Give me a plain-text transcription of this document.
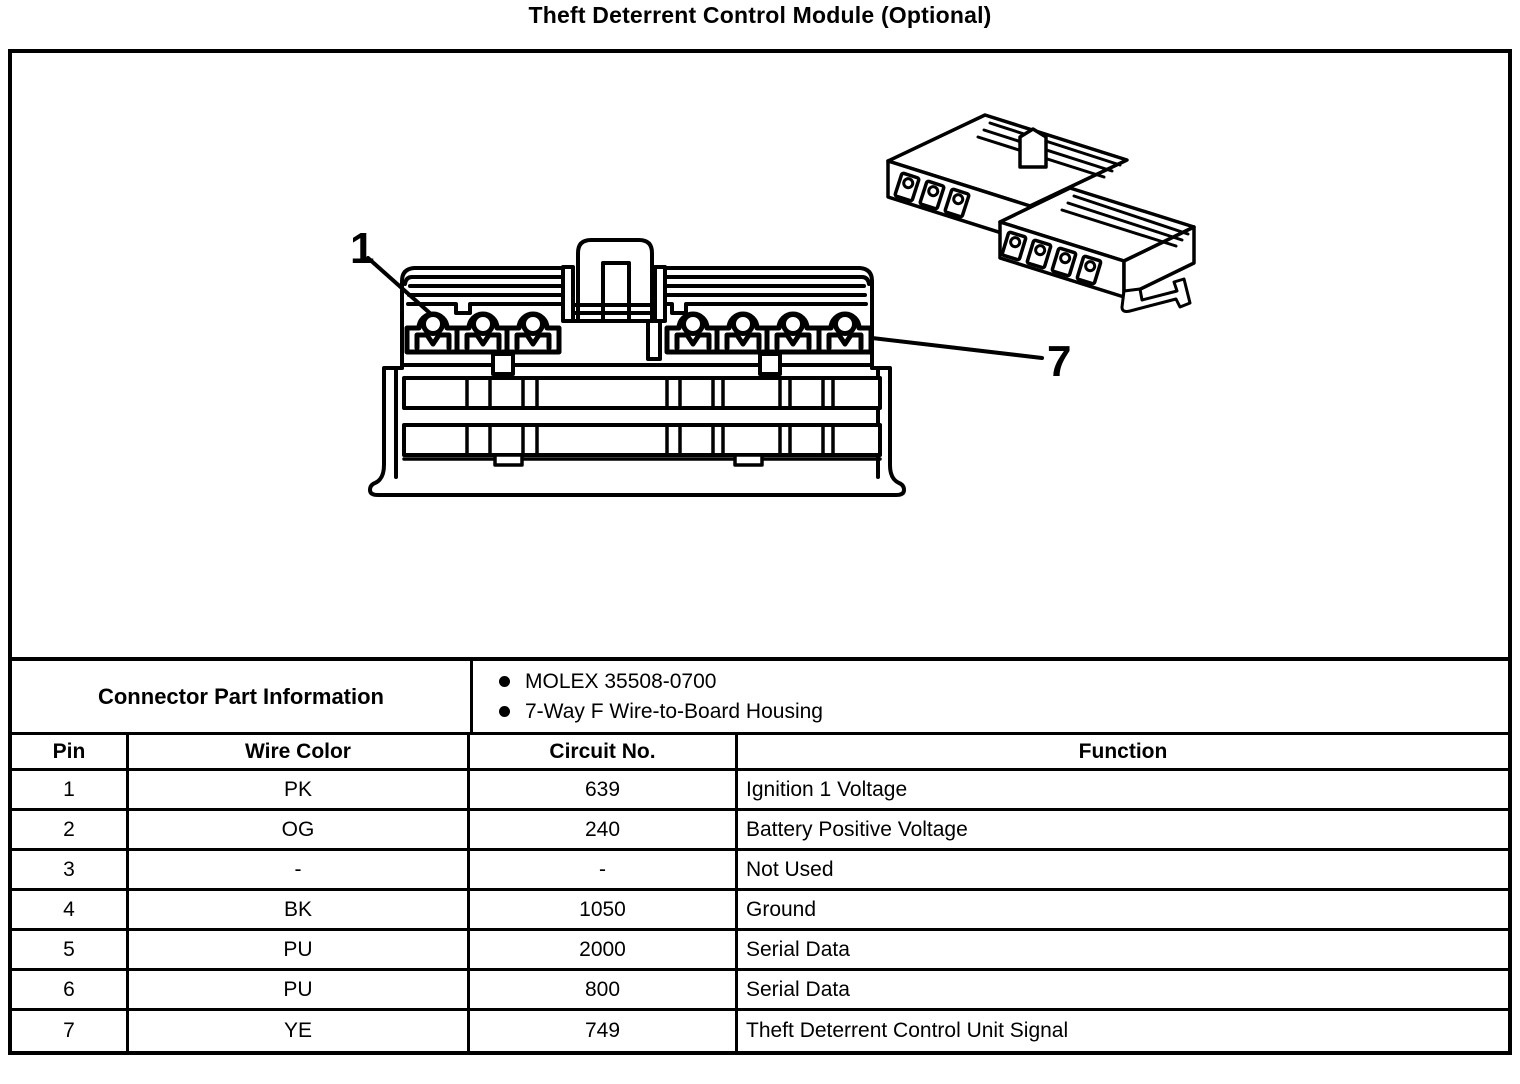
Theft Deterrent Control Module (Optional)
1
7
Connector Part Information
MOLEX 35508-0700
7-Way F Wire-to-Board Housing
Pin	Wire Color	Circuit No.	Function
1	PK	639	Ignition 1 Voltage
2	OG	240	Battery Positive Voltage
3	-	-	Not Used
4	BK	1050	Ground
5	PU	2000	Serial Data
6	PU	800	Serial Data
7	YE	749	Theft Deterrent Control Unit Signal
